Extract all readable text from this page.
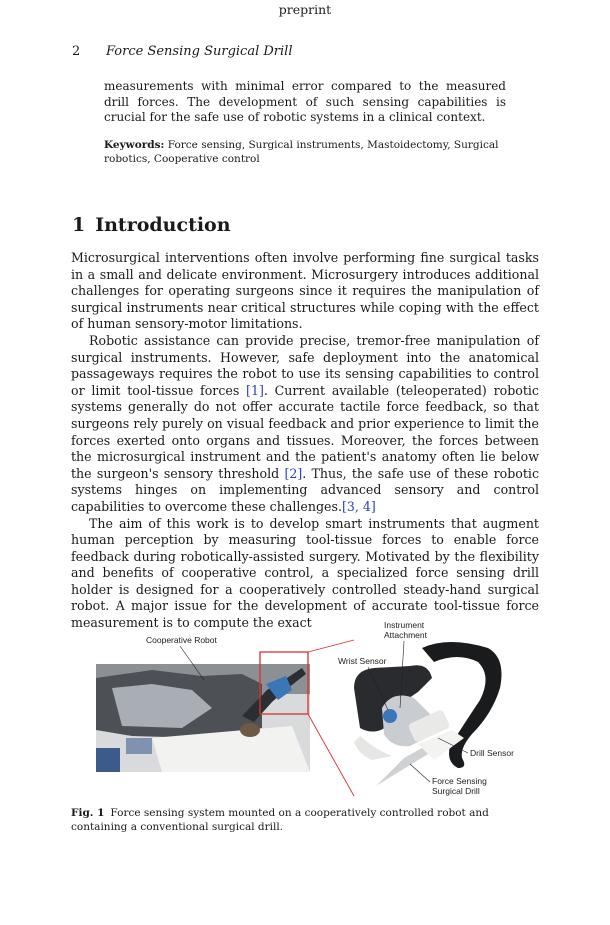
preprint
2 Force Sensing Surgical Drill

measurements with minimal error compared to the measured drill forces. The development of such sensing capabilities is crucial for the safe use of robotic systems in a clinical context.

Keywords: Force sensing, Surgical instruments, Mastoidectomy, Surgical robotics, Cooperative control
1 Introduction

Microsurgical interventions often involve performing fine surgical tasks in a small and delicate environment. Microsurgery introduces additional challenges for operating surgeons since it requires the manipulation of surgical instruments near critical structures while coping with the effect of human sensory-motor limitations.

Robotic assistance can provide precise, tremor-free manipulation of surgical instruments. However, safe deployment into the anatomical passageways requires the robot to use its sensing capabilities to control or limit tool-tissue forces [1]. Current available (teleoperated) robotic systems generally do not offer accurate tactile force feedback, so that surgeons rely purely on visual feedback and prior experience to limit the forces exerted onto organs and tissues. Moreover, the forces between the microsurgical instrument and the patient's anatomy often lie below the surgeon's sensory threshold [2]. Thus, the safe use of these robotic systems hinges on implementing advanced sensory and control capabilities to overcome these challenges.[3, 4]

The aim of this work is to develop smart instruments that augment human perception by measuring tool-tissue forces to enable force feedback during robotically-assisted surgery. Motivated by the flexibility and benefits of cooperative control, a specialized force sensing drill holder is designed for a cooperatively controlled steady-hand surgical robot. A major issue for the development of accurate tool-tissue force measurement is to compute the exact

Cooperative Robot
Instrument
Attachment
Wrist Sensor
Drill Sensor
Force Sensing
Surgical Drill
Fig. 1 Force sensing system mounted on a cooperatively controlled robot and containing a conventional surgical drill.
